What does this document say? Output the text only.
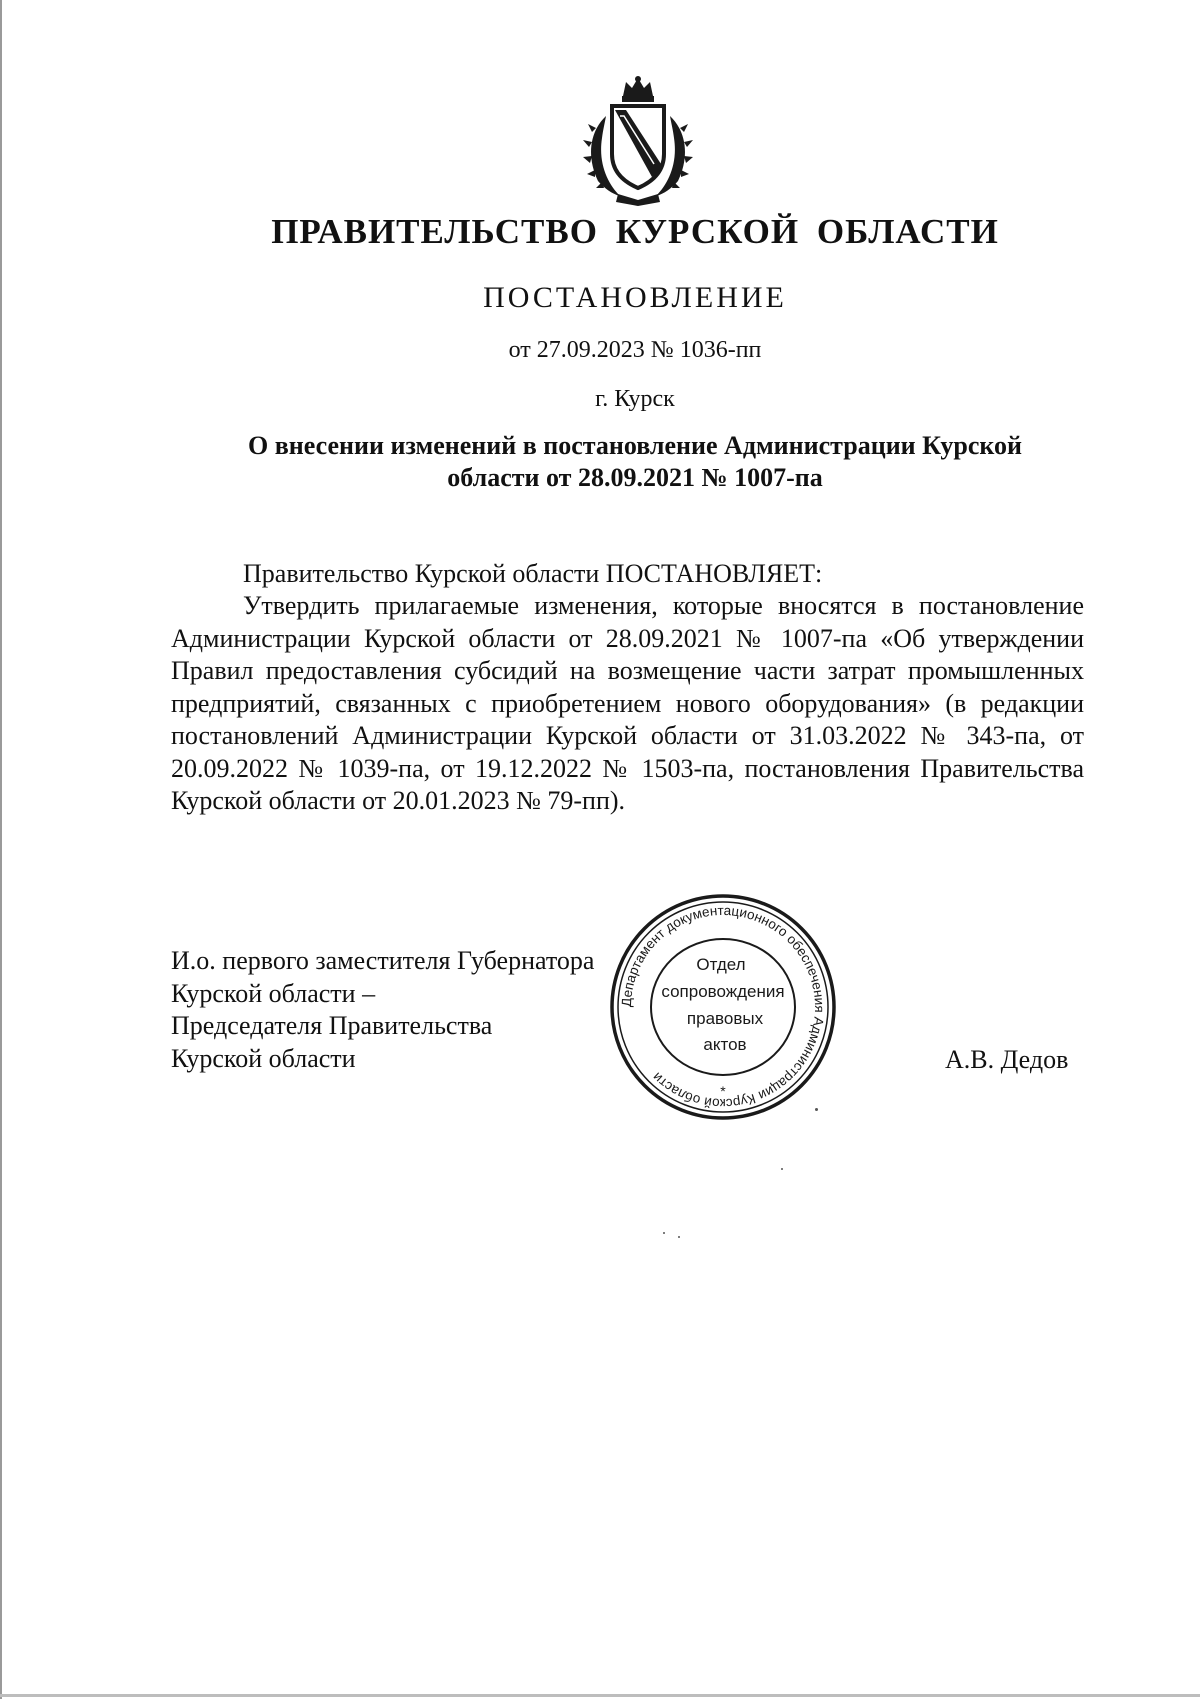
ПРАВИТЕЛЬСТВО КУРСКОЙ ОБЛАСТИ
ПОСТАНОВЛЕНИЕ
от 27.09.2023 № 1036-пп
г. Курск
О внесении изменений в постановление Администрации Курской
области от 28.09.2021 № 1007-па
Правительство Курской области ПОСТАНОВЛЯЕТ:
Утвердить прилагаемые изменения, которые вносятся в постановление Администрации Курской области от 28.09.2021 № 1007-па «Об утверждении Правил предоставления субсидий на возмещение части затрат промышленных предприятий, связанных с приобретением нового оборудования» (в редакции постановлений Администрации Курской области от 31.03.2022 № 343-па, от 20.09.2022 № 1039-па, от 19.12.2022 № 1503-па, постановления Правительства Курской области от 20.01.2023 № 79-пп).
Департамент документационного обеспечения Администрации Курской области
*
Отдел
сопровождения
правовых
актов
И.о. первого заместителя Губернатора
Курской области –
Председателя Правительства
Курской области	А.В. Дедов
